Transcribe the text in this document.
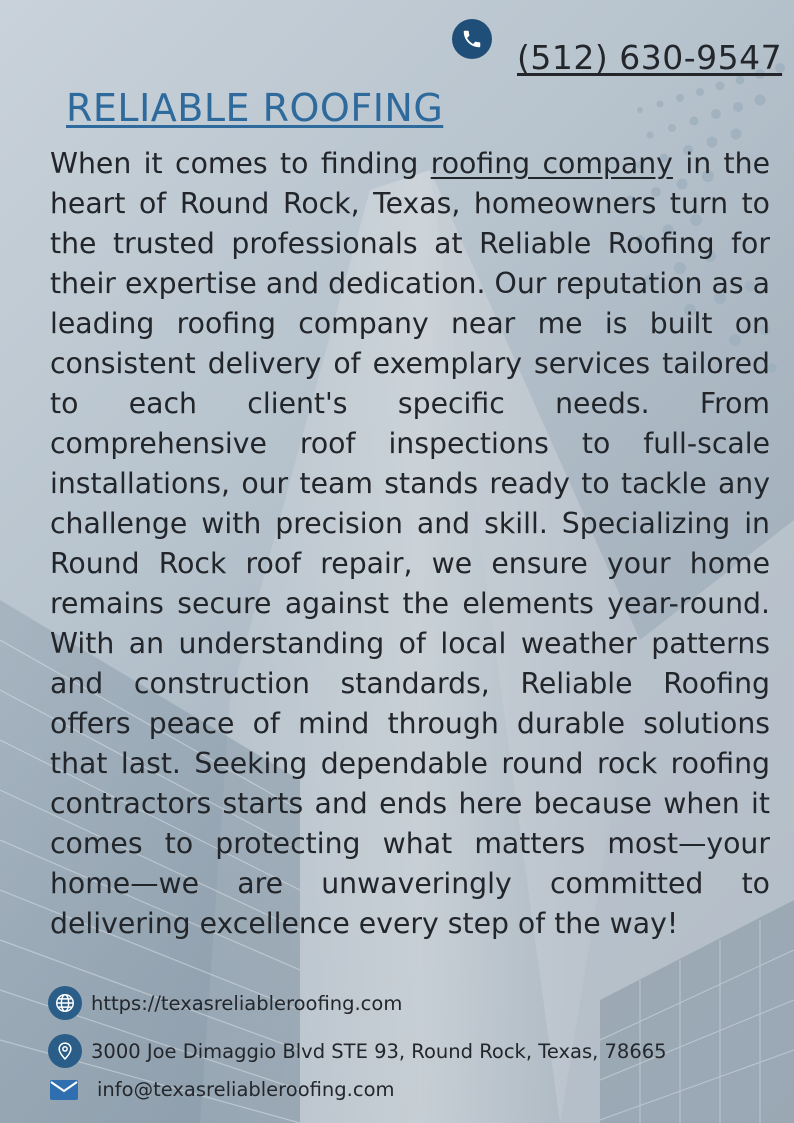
(512) 630-9547
RELIABLE ROOFING

When it comes to finding roofing company in the heart of Round Rock, Texas, homeowners turn to the trusted professionals at Reliable Roofing for their expertise and dedication. Our reputation as a leading roofing company near me is built on consistent delivery of exemplary services tailored to each client's specific needs. From comprehensive roof inspections to full-scale installations, our team stands ready to tackle any challenge with precision and skill. Specializing in Round Rock roof repair, we ensure your home remains secure against the elements year-round. With an understanding of local weather patterns and construction standards, Reliable Roofing offers peace of mind through durable solutions that last. Seeking dependable round rock roofing contractors starts and ends here because when it comes to protecting what matters most—your home—we are unwaveringly committed to delivering excellence every step of the way!

https://texasreliableroofing.com
3000 Joe Dimaggio Blvd STE 93, Round Rock, Texas, 78665
info@texasreliableroofing.com
